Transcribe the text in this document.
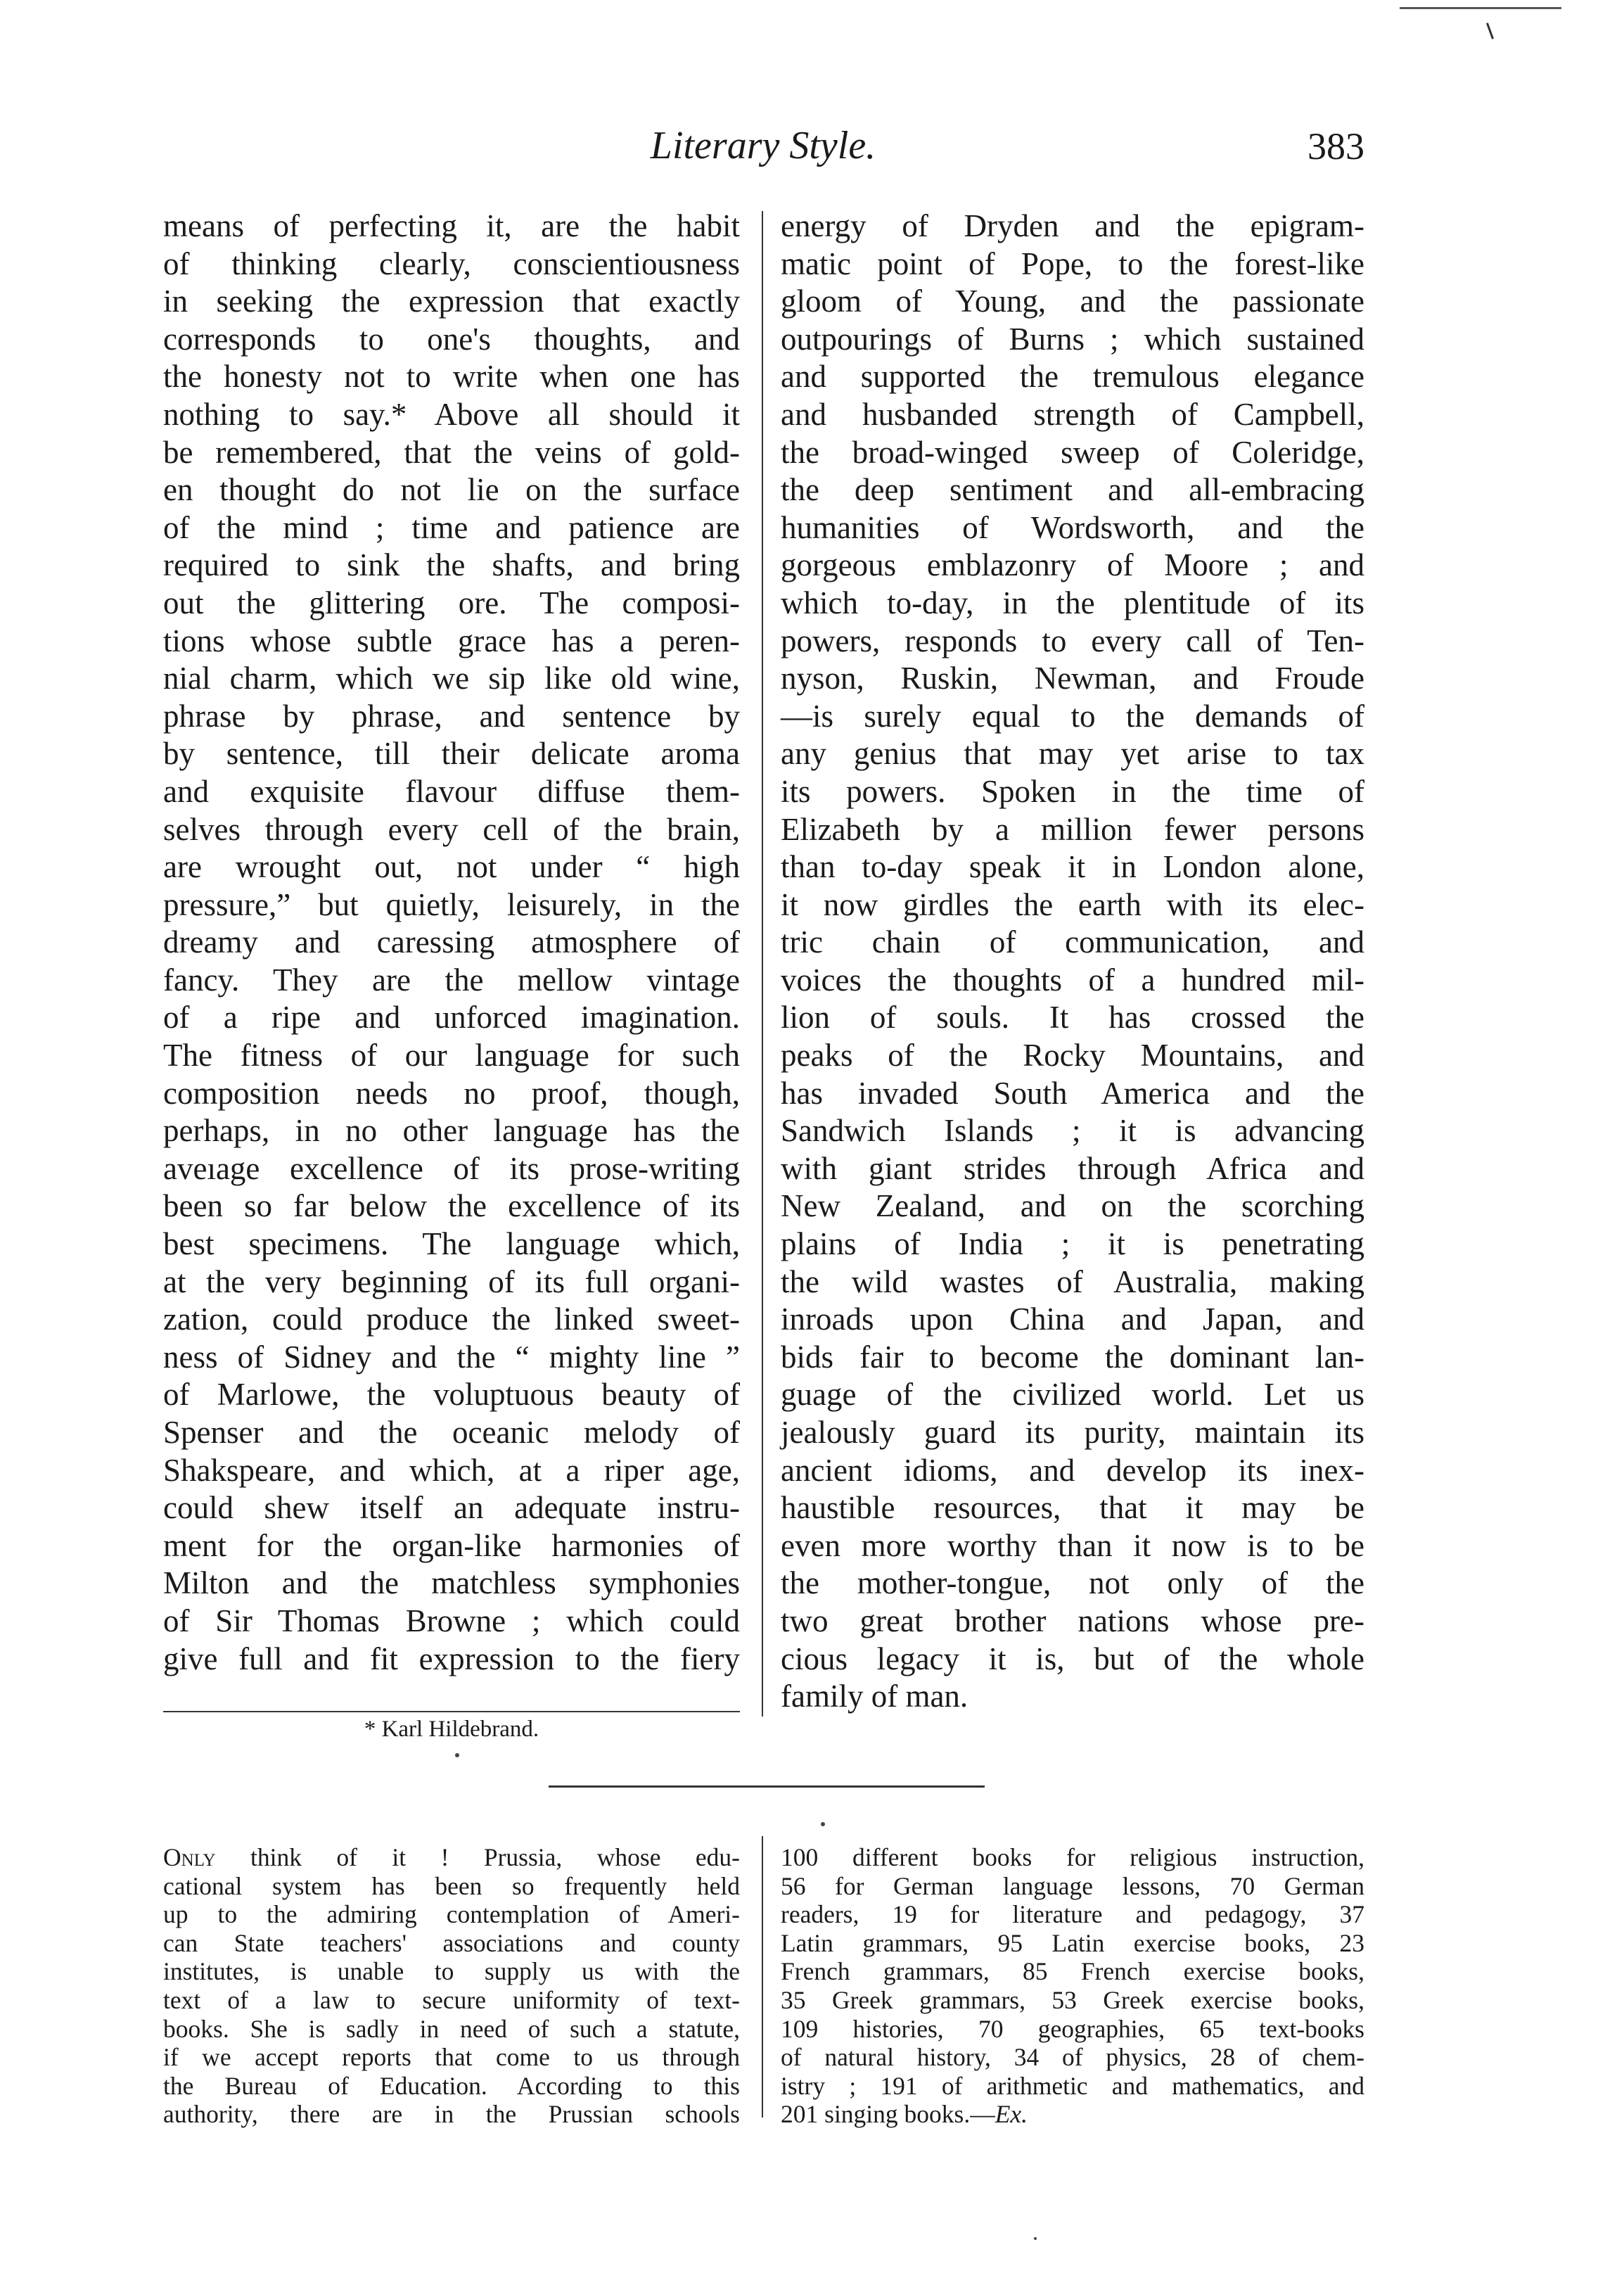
Literary Style.	383
means of perfecting it, are the habit
of thinking clearly, conscientiousness
in seeking the expression that exactly
corresponds to one's thoughts, and
the honesty not to write when one has
nothing to say.* Above all should it
be remembered, that the veins of gold-
en thought do not lie on the surface
of the mind ; time and patience are
required to sink the shafts, and bring
out the glittering ore. The composi-
tions whose subtle grace has a peren-
nial charm, which we sip like old wine,
phrase by phrase, and sentence by
by sentence, till their delicate aroma
and exquisite flavour diffuse them-
selves through every cell of the brain,
are wrought out, not under “ high
pressure,” but quietly, leisurely, in the
dreamy and caressing atmosphere of
fancy. They are the mellow vintage
of a ripe and unforced imagination.
The fitness of our language for such
composition needs no proof, though,
perhaps, in no other language has the
aveıage excellence of its prose-writing
been so far below the excellence of its
best specimens. The language which,
at the very beginning of its full organi-
zation, could produce the linked sweet-
ness of Sidney and the “ mighty line ”
of Marlowe, the voluptuous beauty of
Spenser and the oceanic melody of
Shakspeare, and which, at a riper age,
could shew itself an adequate instru-
ment for the organ-like harmonies of
Milton and the matchless symphonies
of Sir Thomas Browne ; which could
give full and fit expression to the fiery
energy of Dryden and the epigram-
matic point of Pope, to the forest-like
gloom of Young, and the passionate
outpourings of Burns ; which sustained
and supported the tremulous elegance
and husbanded strength of Campbell,
the broad-winged sweep of Coleridge,
the deep sentiment and all-embracing
humanities of Wordsworth, and the
gorgeous emblazonry of Moore ; and
which to-day, in the plentitude of its
powers, responds to every call of Ten-
nyson, Ruskin, Newman, and Froude
—is surely equal to the demands of
any genius that may yet arise to tax
its powers. Spoken in the time of
Elizabeth by a million fewer persons
than to-day speak it in London alone,
it now girdles the earth with its elec-
tric chain of communication, and
voices the thoughts of a hundred mil-
lion of souls. It has crossed the
peaks of the Rocky Mountains, and
has invaded South America and the
Sandwich Islands ; it is advancing
with giant strides through Africa and
New Zealand, and on the scorching
plains of India ; it is penetrating
the wild wastes of Australia, making
inroads upon China and Japan, and
bids fair to become the dominant lan-
guage of the civilized world. Let us
jealously guard its purity, maintain its
ancient idioms, and develop its inex-
haustible resources, that it may be
even more worthy than it now is to be
the mother-tongue, not only of the
two great brother nations whose pre-
cious legacy it is, but of the whole
family of man.
* Karl Hildebrand.
Only think of it ! Prussia, whose edu-
cational system has been so frequently held
up to the admiring contemplation of Ameri-
can State teachers' associations and county
institutes, is unable to supply us with the
text of a law to secure uniformity of text-
books. She is sadly in need of such a statute,
if we accept reports that come to us through
the Bureau of Education. According to this
authority, there are in the Prussian schools
100 different books for religious instruction,
56 for German language lessons, 70 German
readers, 19 for literature and pedagogy, 37
Latin grammars, 95 Latin exercise books, 23
French grammars, 85 French exercise books,
35 Greek grammars, 53 Greek exercise books,
109 histories, 70 geographies, 65 text-books
of natural history, 34 of physics, 28 of chem-
istry ; 191 of arithmetic and mathematics, and
201 singing books.—Ex.
